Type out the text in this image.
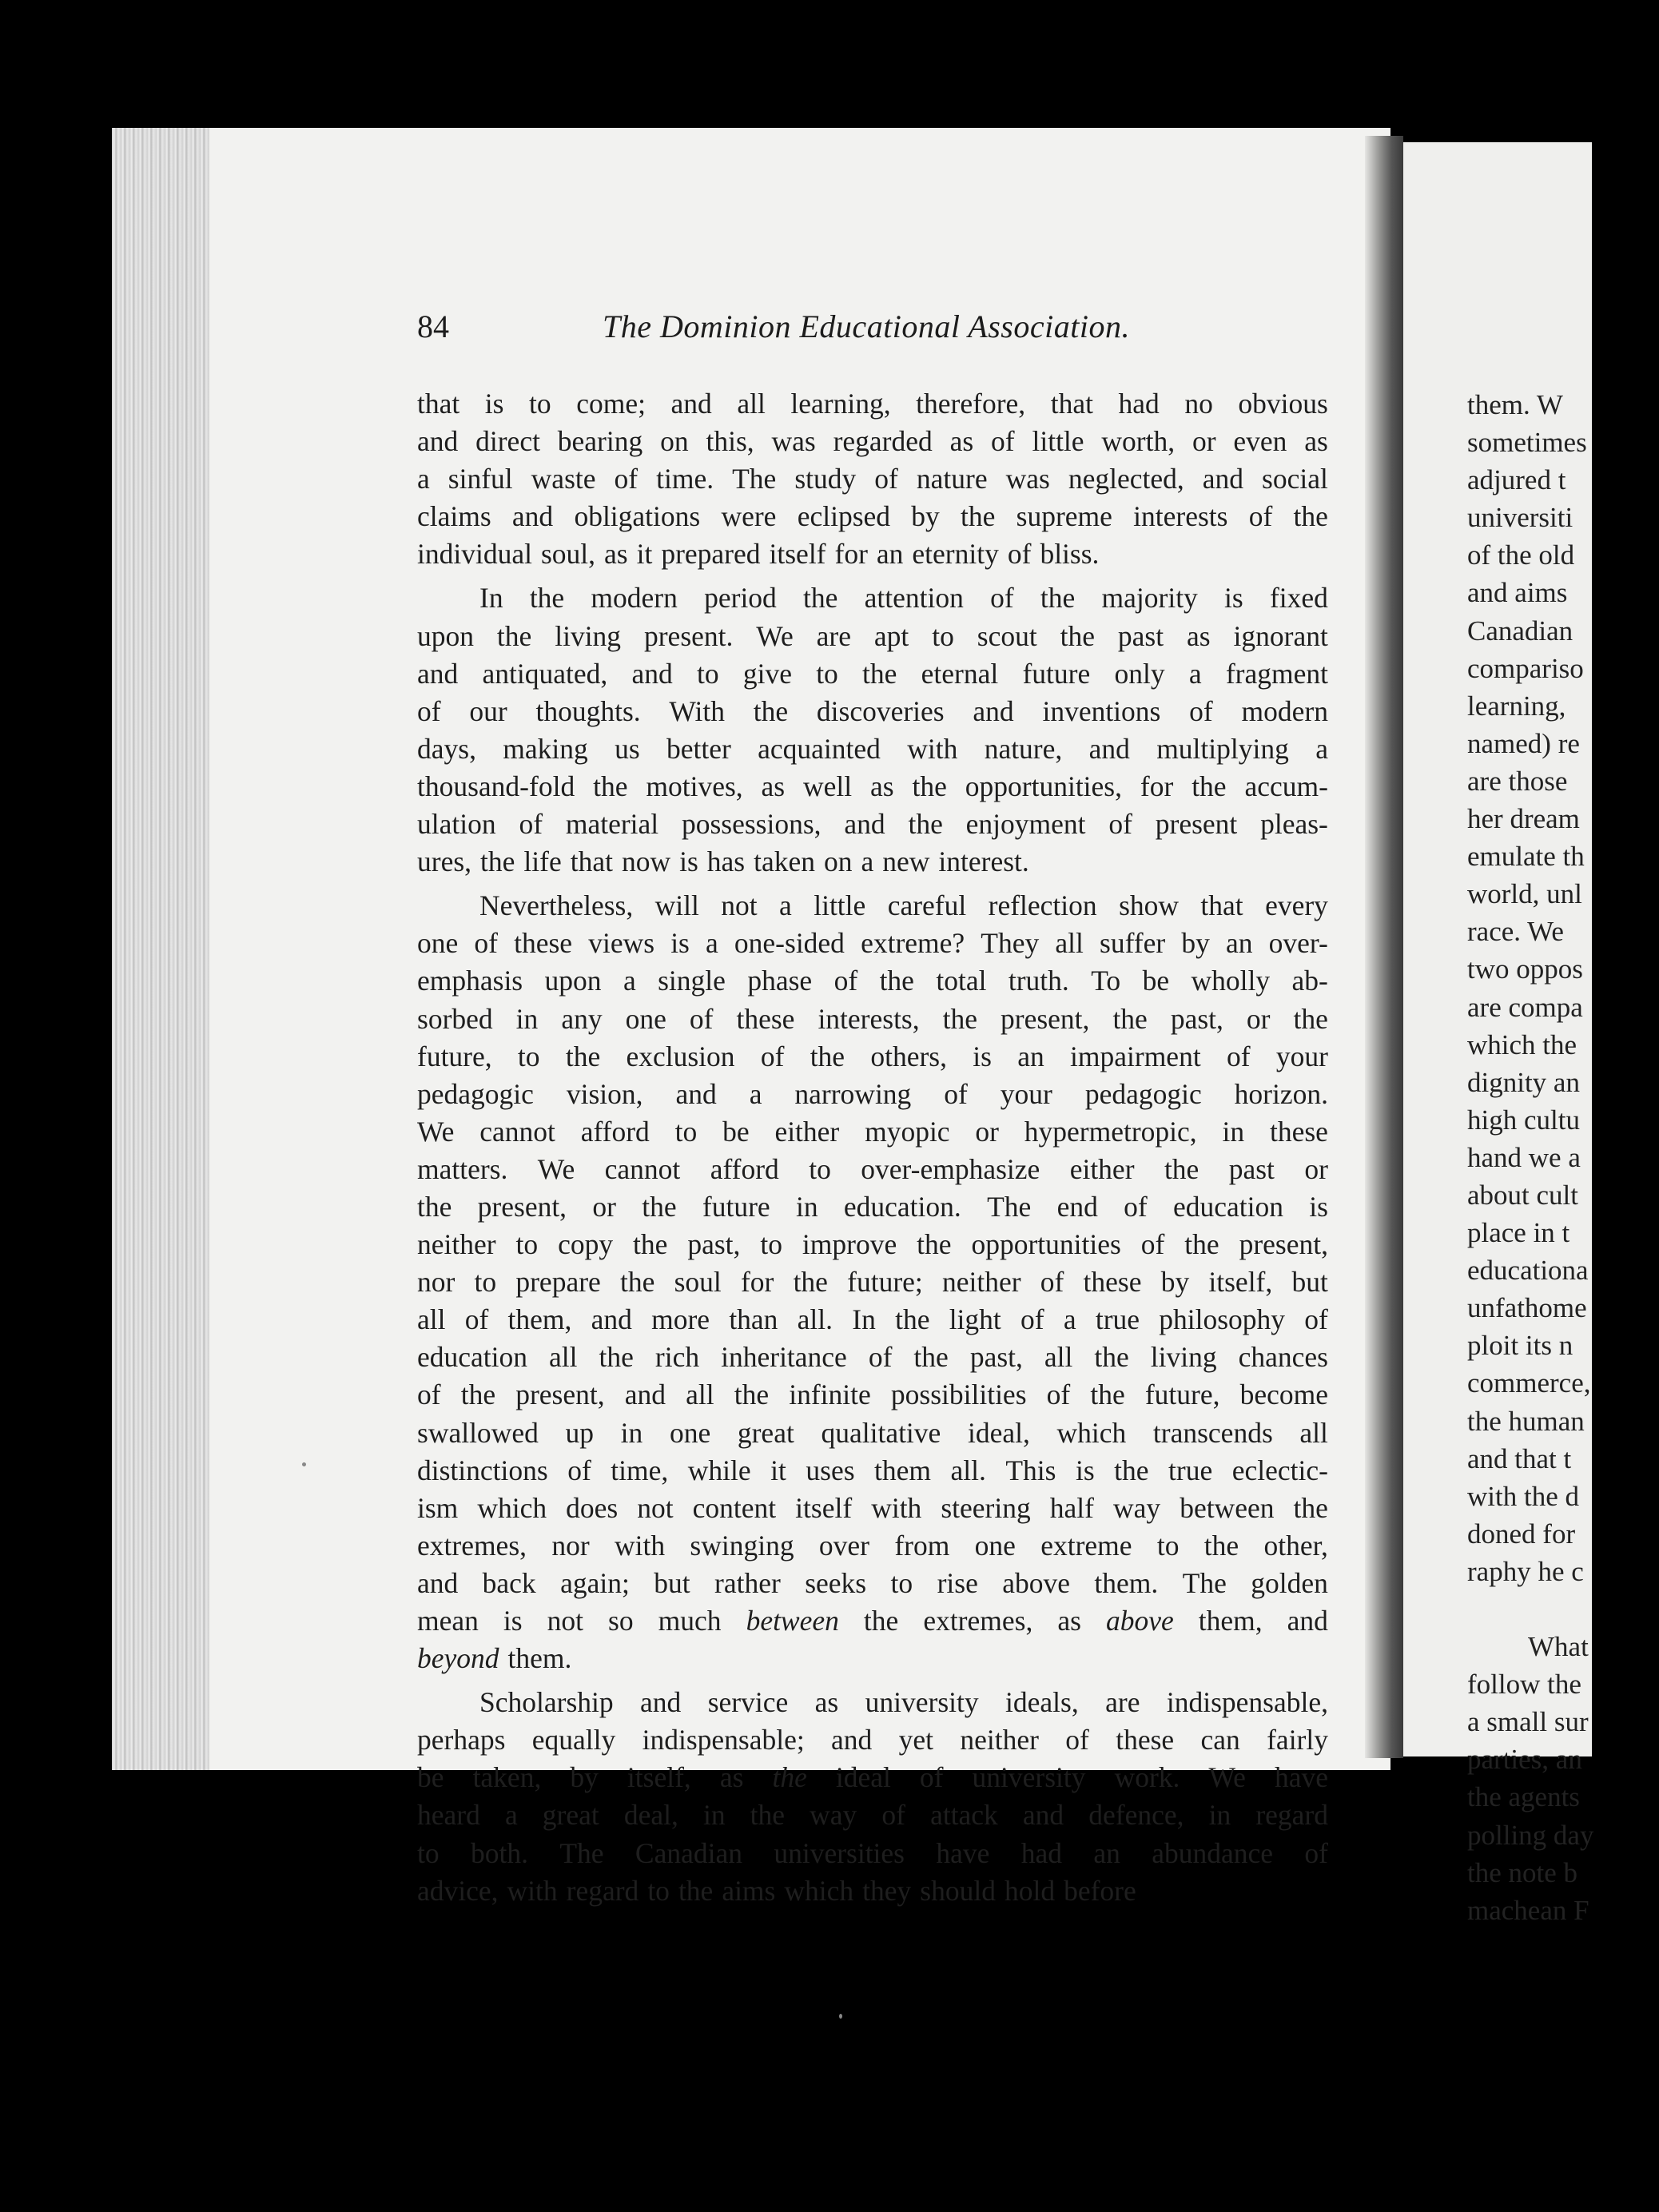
them. W
sometimes
adjured t
universiti
of the old
and aims
Canadian
compariso
learning,
named) re
are those
her dream
emulate th
world, unl
race. We
two oppos
are compa
which the
dignity an
high cultu
hand we a
about cult
place in t
educationa
unfathome
ploit its n
commerce,
the human
and that t
with the d
doned for
raphy he c
What
follow the
a small sur
parties, an
the agents
polling day
the note b
machean F
84	The Dominion Educational Association.
that is to come; and all learning, therefore, that had no obvious
and direct bearing on this, was regarded as of little worth, or even as
a sinful waste of time. The study of nature was neglected, and social
claims and obligations were eclipsed by the supreme interests of the
individual soul, as it prepared itself for an eternity of bliss.
In the modern period the attention of the majority is fixed
upon the living present. We are apt to scout the past as ignorant
and antiquated, and to give to the eternal future only a fragment
of our thoughts. With the discoveries and inventions of modern
days, making us better acquainted with nature, and multiplying a
thousand-fold the motives, as well as the opportunities, for the accum-
ulation of material possessions, and the enjoyment of present pleas-
ures, the life that now is has taken on a new interest.
Nevertheless, will not a little careful reflection show that every
one of these views is a one-sided extreme? They all suffer by an over-
emphasis upon a single phase of the total truth. To be wholly ab-
sorbed in any one of these interests, the present, the past, or the
future, to the exclusion of the others, is an impairment of your
pedagogic vision, and a narrowing of your pedagogic horizon.
We cannot afford to be either myopic or hypermetropic, in these
matters. We cannot afford to over-emphasize either the past or
the present, or the future in education. The end of education is
neither to copy the past, to improve the opportunities of the present,
nor to prepare the soul for the future; neither of these by itself, but
all of them, and more than all. In the light of a true philosophy of
education all the rich inheritance of the past, all the living chances
of the present, and all the infinite possibilities of the future, become
swallowed up in one great qualitative ideal, which transcends all
distinctions of time, while it uses them all. This is the true eclectic-
ism which does not content itself with steering half way between the
extremes, nor with swinging over from one extreme to the other,
and back again; but rather seeks to rise above them. The golden
mean is not so much between the extremes, as above them, and
beyond them.
Scholarship and service as university ideals, are indispensable,
perhaps equally indispensable; and yet neither of these can fairly
be taken, by itself, as the ideal of university work. We have
heard a great deal, in the way of attack and defence, in regard
to both. The Canadian universities have had an abundance of
advice, with regard to the aims which they should hold before
